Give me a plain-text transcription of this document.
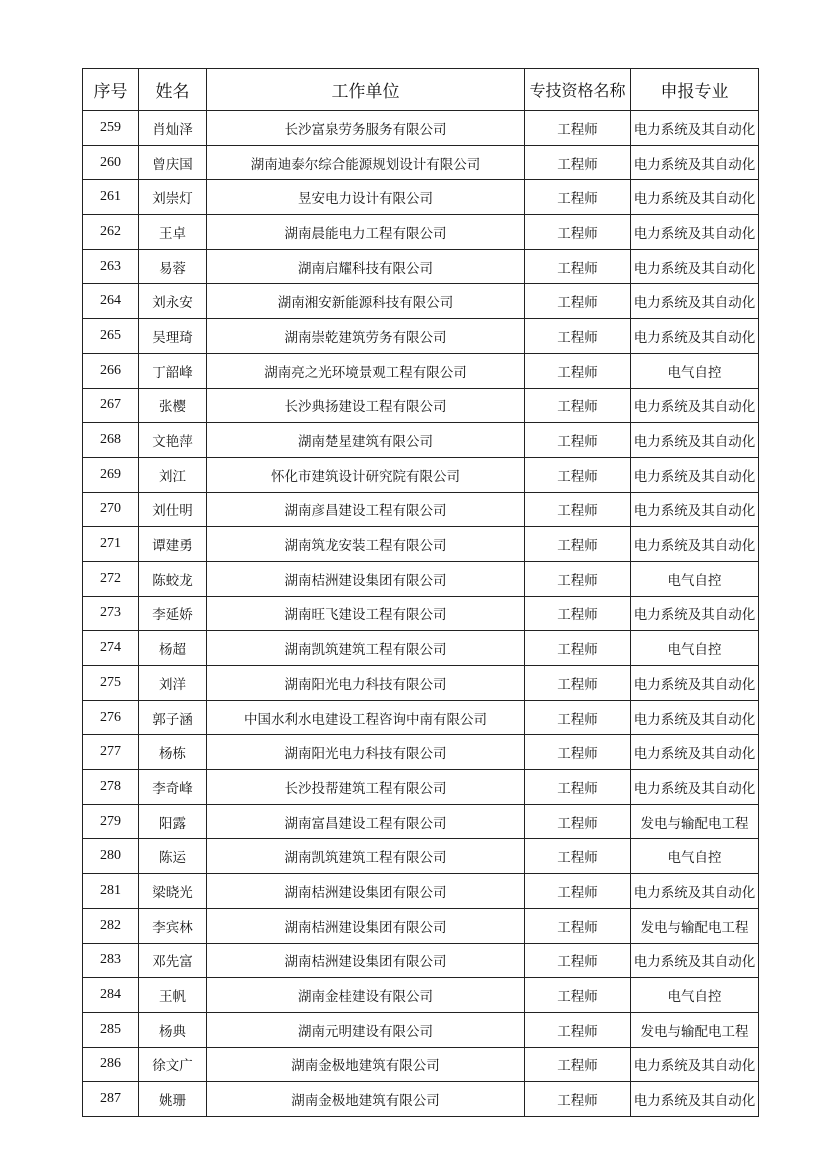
序号	姓名	工作单位	专技资格名称	申报专业
259	肖灿泽	长沙富泉劳务服务有限公司	工程师	电力系统及其自动化
260	曾庆国	湖南迪泰尔综合能源规划设计有限公司	工程师	电力系统及其自动化
261	刘崇灯	昱安电力设计有限公司	工程师	电力系统及其自动化
262	王卓	湖南晨能电力工程有限公司	工程师	电力系统及其自动化
263	易蓉	湖南启耀科技有限公司	工程师	电力系统及其自动化
264	刘永安	湖南湘安新能源科技有限公司	工程师	电力系统及其自动化
265	吴理琦	湖南崇乾建筑劳务有限公司	工程师	电力系统及其自动化
266	丁韶峰	湖南亮之光环境景观工程有限公司	工程师	电气自控
267	张樱	长沙典扬建设工程有限公司	工程师	电力系统及其自动化
268	文艳萍	湖南楚星建筑有限公司	工程师	电力系统及其自动化
269	刘江	怀化市建筑设计研究院有限公司	工程师	电力系统及其自动化
270	刘仕明	湖南彦昌建设工程有限公司	工程师	电力系统及其自动化
271	谭建勇	湖南筑龙安装工程有限公司	工程师	电力系统及其自动化
272	陈蛟龙	湖南桔洲建设集团有限公司	工程师	电气自控
273	李延娇	湖南旺飞建设工程有限公司	工程师	电力系统及其自动化
274	杨超	湖南凯筑建筑工程有限公司	工程师	电气自控
275	刘洋	湖南阳光电力科技有限公司	工程师	电力系统及其自动化
276	郭子涵	中国水利水电建设工程咨询中南有限公司	工程师	电力系统及其自动化
277	杨栋	湖南阳光电力科技有限公司	工程师	电力系统及其自动化
278	李奇峰	长沙投帮建筑工程有限公司	工程师	电力系统及其自动化
279	阳露	湖南富昌建设工程有限公司	工程师	发电与输配电工程
280	陈运	湖南凯筑建筑工程有限公司	工程师	电气自控
281	梁晓光	湖南桔洲建设集团有限公司	工程师	电力系统及其自动化
282	李宾林	湖南桔洲建设集团有限公司	工程师	发电与输配电工程
283	邓先富	湖南桔洲建设集团有限公司	工程师	电力系统及其自动化
284	王帆	湖南金桂建设有限公司	工程师	电气自控
285	杨典	湖南元明建设有限公司	工程师	发电与输配电工程
286	徐文广	湖南金极地建筑有限公司	工程师	电力系统及其自动化
287	姚珊	湖南金极地建筑有限公司	工程师	电力系统及其自动化
